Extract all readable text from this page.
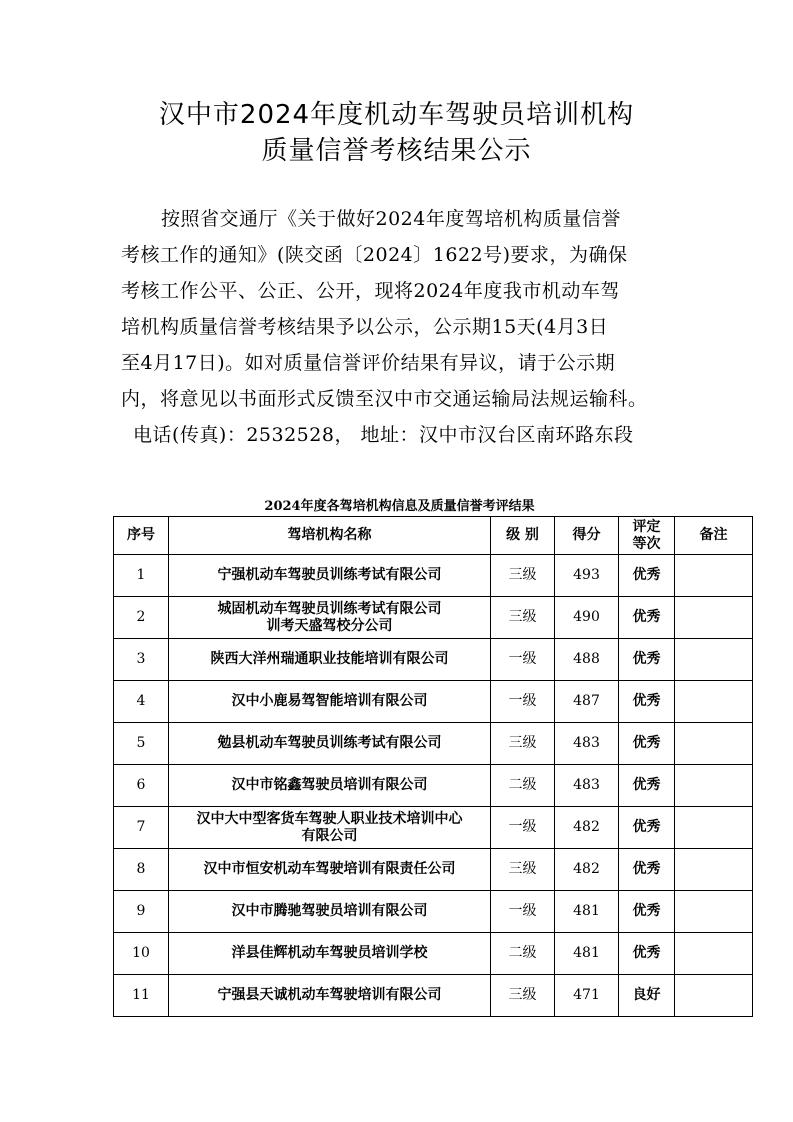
汉中市2024年度机动车驾驶员培训机构
质量信誉考核结果公示
按照省交通厅《关于做好2024年度驾培机构质量信誉
考核工作的通知》(陕交函〔2024〕1622号)要求，为确保
考核工作公平、公正、公开，现将2024年度我市机动车驾
培机构质量信誉考核结果予以公示，公示期15天(4月3日
至4月17日)。如对质量信誉评价结果有异议，请于公示期
内，将意见以书面形式反馈至汉中市交通运输局法规运输科。
电话(传真)：2532528， 地址：汉中市汉台区南环路东段
2024年度各驾培机构信息及质量信誉考评结果
序号	驾培机构名称	级 别	得分	评定等次	备注
1	宁强机动车驾驶员训练考试有限公司	三级	493	优秀	
2	城固机动车驾驶员训练考试有限公司
训考天盛驾校分公司	三级	490	优秀	
3	陕西大洋州瑞通职业技能培训有限公司	一级	488	优秀	
4	汉中小鹿易驾智能培训有限公司	一级	487	优秀	
5	勉县机动车驾驶员训练考试有限公司	三级	483	优秀	
6	汉中市铭鑫驾驶员培训有限公司	二级	483	优秀	
7	汉中大中型客货车驾驶人职业技术培训中心
有限公司	一级	482	优秀	
8	汉中市恒安机动车驾驶培训有限责任公司	三级	482	优秀	
9	汉中市腾驰驾驶员培训有限公司	一级	481	优秀	
10	洋县佳辉机动车驾驶员培训学校	二级	481	优秀	
11	宁强县天诚机动车驾驶培训有限公司	三级	471	良好	
